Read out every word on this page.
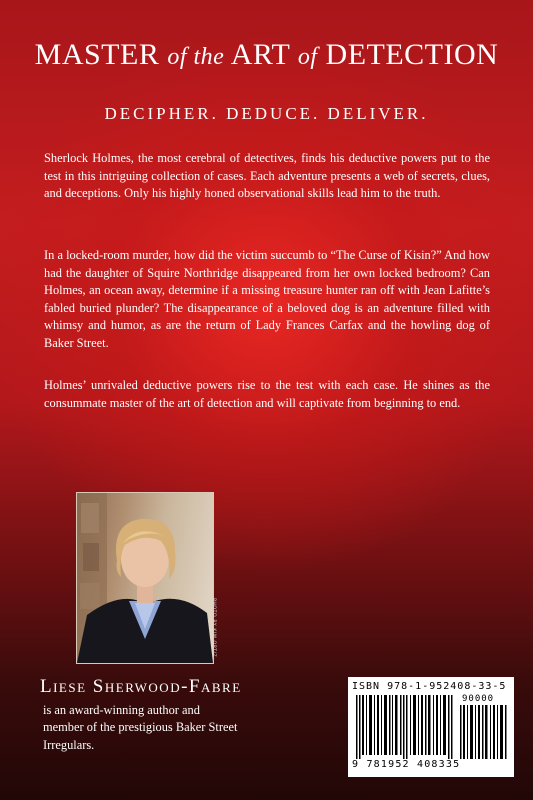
MASTER of the ART of DETECTION
DECIPHER. DEDUCE. DELIVER.

Sherlock Holmes, the most cerebral of detectives, finds his deductive powers put to the test in this intriguing collection of cases. Each adventure presents a web of secrets, clues, and deceptions. Only his highly honed observational skills lead him to the truth.

In a locked-room murder, how did the victim succumb to “The Curse of Kisin?” And how had the daughter of Squire Northridge disappeared from her own locked bedroom? Can Holmes, an ocean away, determine if a missing treasure hunter ran off with Jean Lafitte’s fabled buried plunder? The disappearance of a beloved dog is an adventure filled with whimsy and humor, as are the return of Lady Frances Carfax and the howling dog of Baker Street.

Holmes’ unrivaled deductive powers rise to the test with each case. He shines as the consummate master of the art of detection and will captivate from beginning to end.

PHOTO BY KIM ORTIZ
Liese Sherwood-Fabre

is an award-winning author and member of the prestigious Baker Street Irregulars.

ISBN 978-1-952408-33-5
90000
9 781952 408335
